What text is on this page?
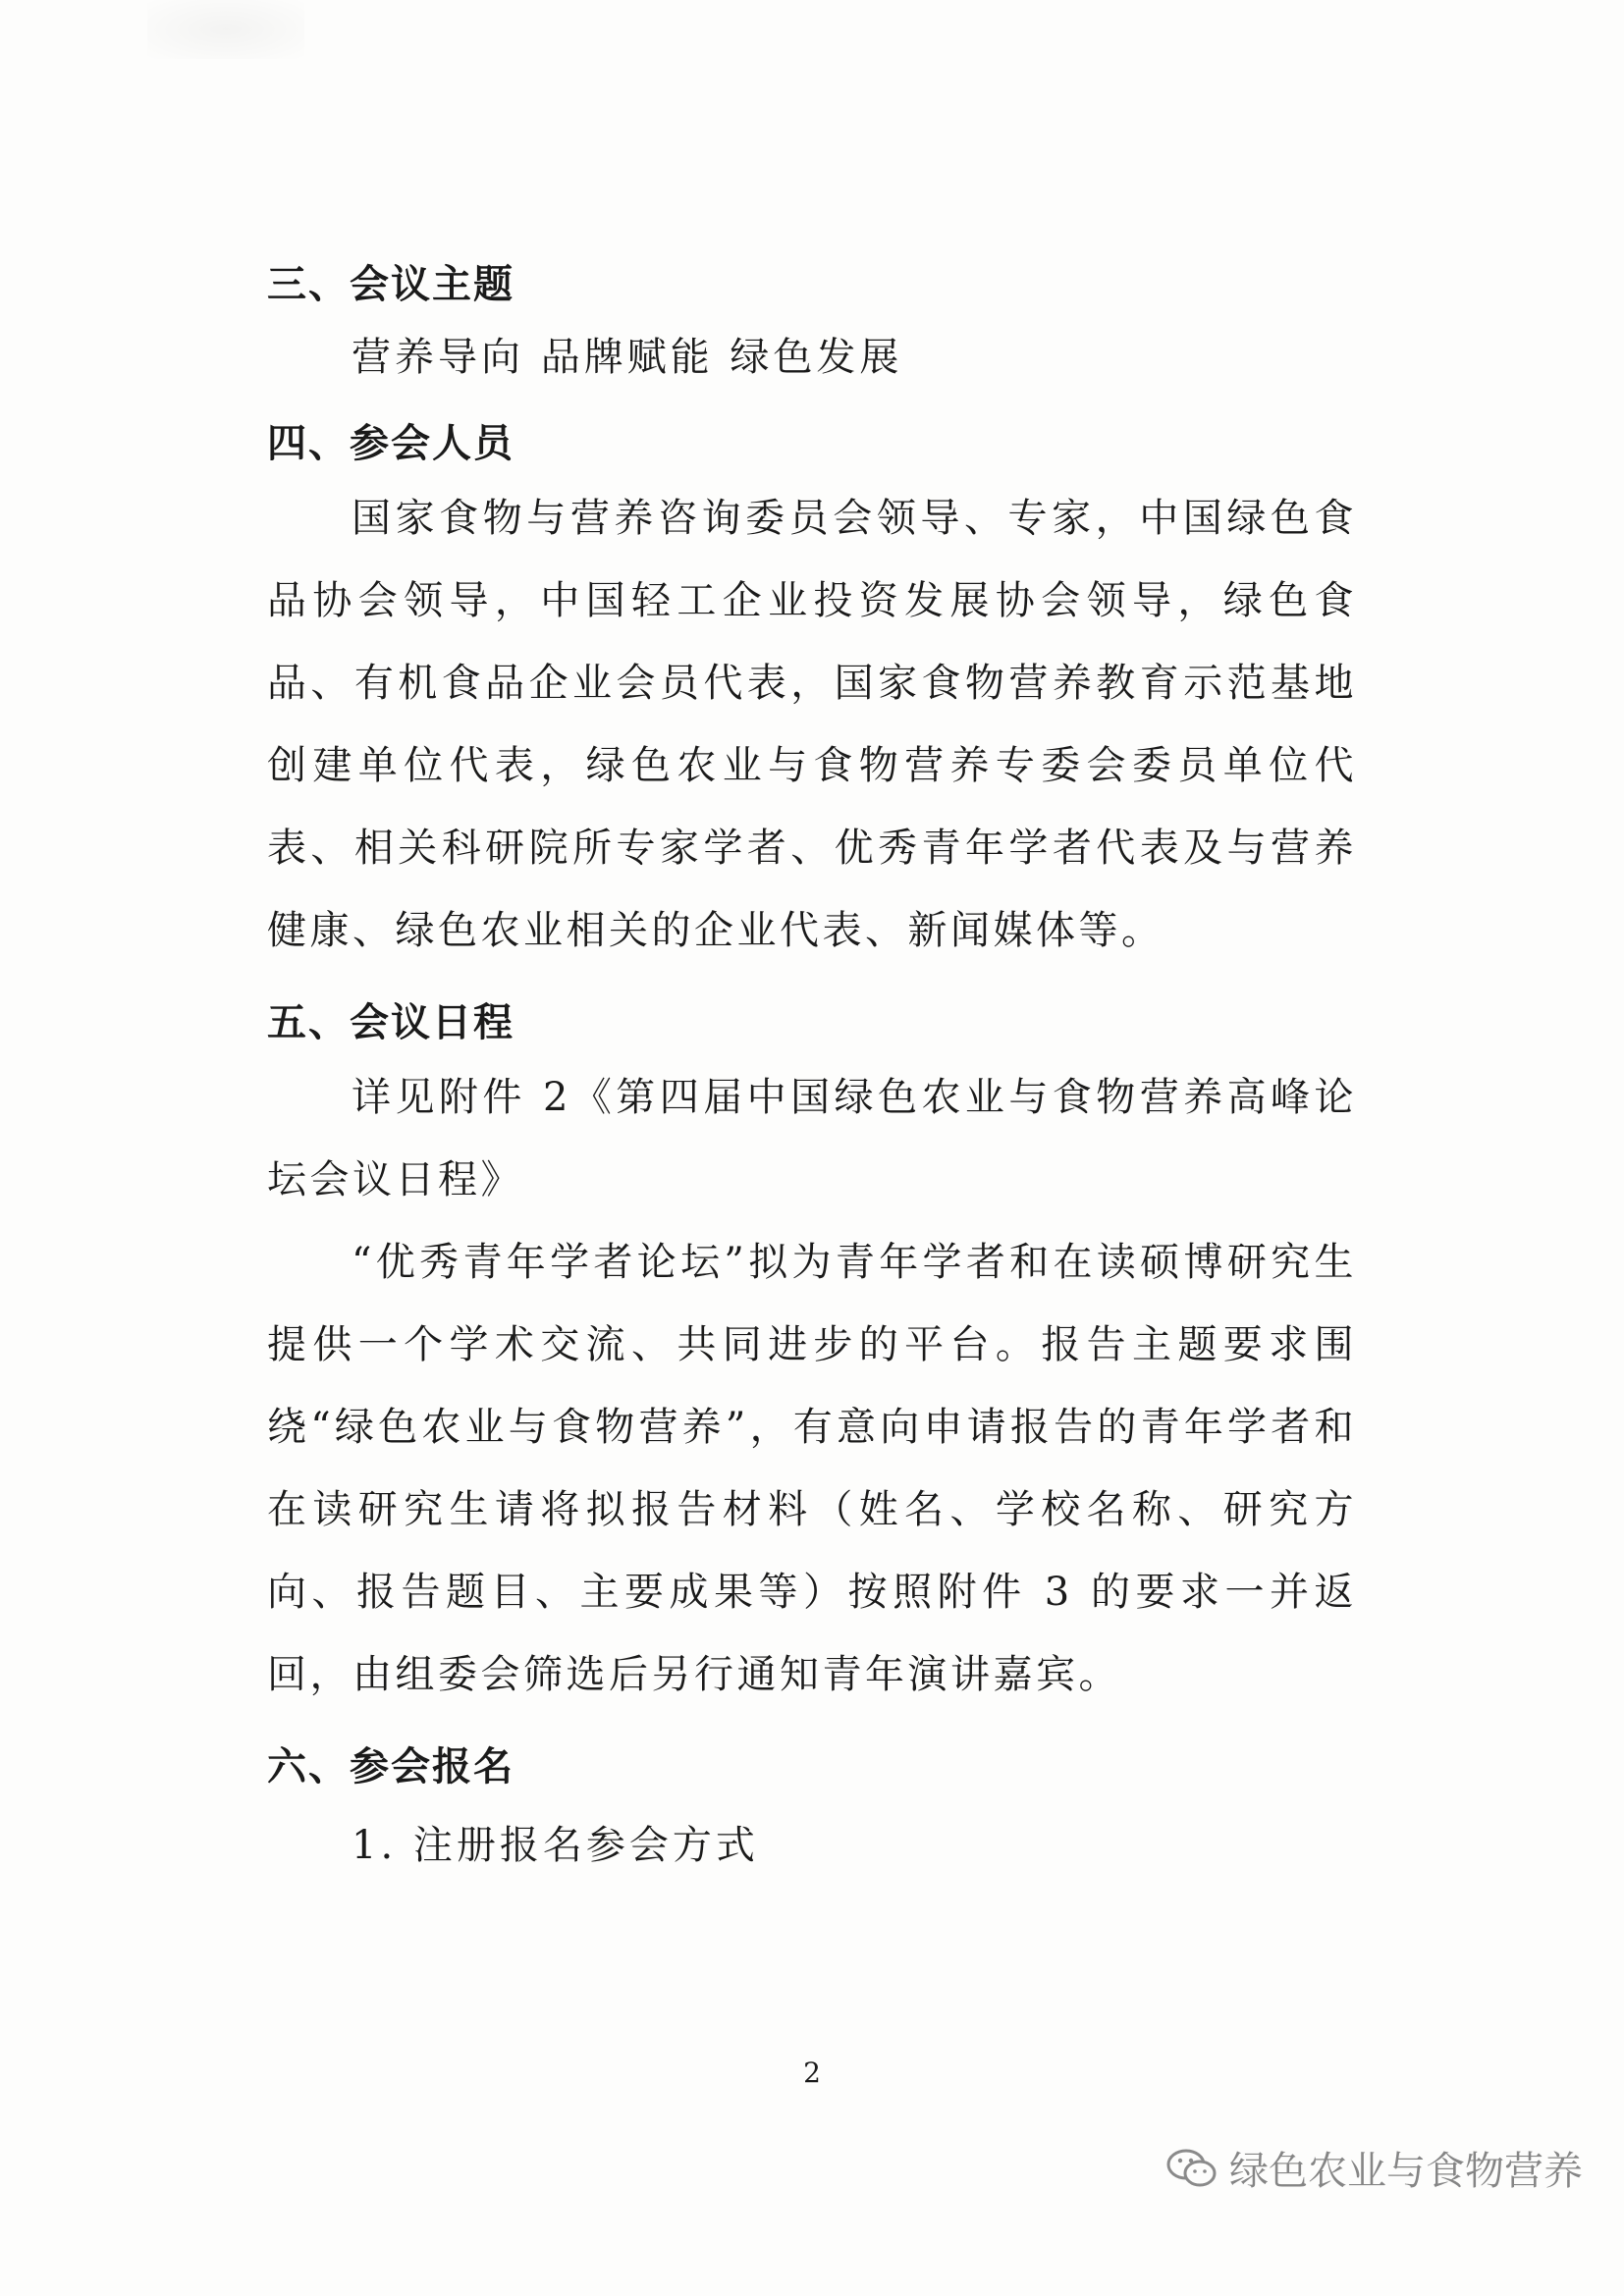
三、会议主题
营养导向 品牌赋能 绿色发展
四、参会人员

国家食物与营养咨询委员会领导、专家，中国绿色食品协会领导，中国轻工企业投资发展协会领导，绿色食品、有机食品企业会员代表，国家食物营养教育示范基地创建单位代表，绿色农业与食物营养专委会委员单位代表、相关科研院所专家学者、优秀青年学者代表及与营养健康、绿色农业相关的企业代表、新闻媒体等。

五、会议日程

详见附件 2《第四届中国绿色农业与食物营养高峰论坛会议日程》

“优秀青年学者论坛”拟为青年学者和在读硕博研究生提供一个学术交流、共同进步的平台。报告主题要求围绕“绿色农业与食物营养”，有意向申请报告的青年学者和在读研究生请将拟报告材料（姓名、学校名称、研究方向、报告题目、主要成果等）按照附件 3 的要求一并返回，由组委会筛选后另行通知青年演讲嘉宾。

六、参会报名
1. 注册报名参会方式
2
绿色农业与食物营养
